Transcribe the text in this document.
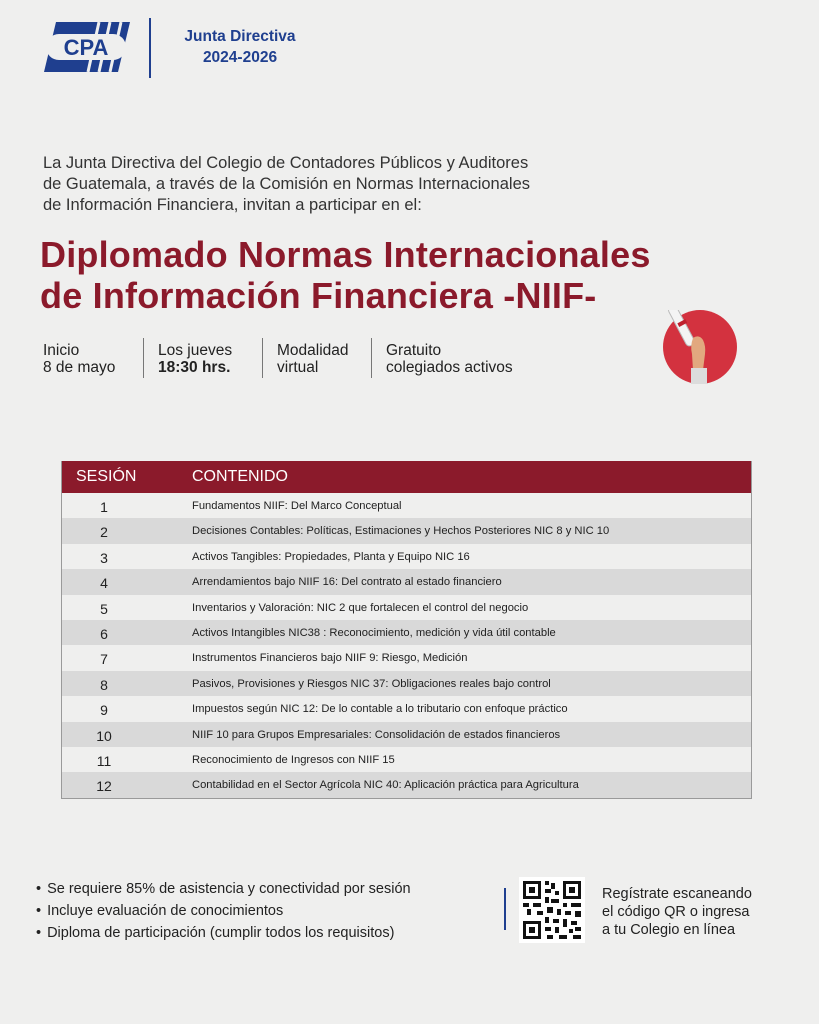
CPA	Junta Directiva
2024-2026
La Junta Directiva del Colegio de Contadores Públicos y Auditores
de Guatemala, a través de la Comisión en Normas Internacionales
de Información Financiera, invitan a participar en el:
Diplomado Normas Internacionales
de Información Financiera -NIIF-
Inicio
8 de mayo
Los jueves
18:30 hrs.
Modalidad
virtual
Gratuito
colegiados activos
SESIÓN	CONTENIDO
1	Fundamentos NIIF: Del Marco Conceptual
2	Decisiones Contables: Políticas, Estimaciones y Hechos Posteriores NIC 8 y NIC 10
3	Activos Tangibles: Propiedades, Planta y Equipo NIC 16
4	Arrendamientos bajo NIIF 16: Del contrato al estado financiero
5	Inventarios y Valoración: NIC 2 que fortalecen el control del negocio
6	Activos Intangibles NIC38 : Reconocimiento, medición y vida útil contable
7	Instrumentos Financieros bajo NIIF 9: Riesgo, Medición
8	Pasivos, Provisiones y Riesgos NIC 37: Obligaciones reales bajo control
9	Impuestos según NIC 12: De lo contable a lo tributario con enfoque práctico
10	NIIF 10 para Grupos Empresariales: Consolidación de estados financieros
11	Reconocimiento de Ingresos con NIIF 15
12	Contabilidad en el Sector Agrícola NIC 40: Aplicación práctica para Agricultura
• Se requiere 85% de asistencia y conectividad por sesión
• Incluye evaluación de conocimientos
• Diploma de participación (cumplir todos los requisitos)
Regístrate escaneando
el código QR o ingresa
a tu Colegio en línea
